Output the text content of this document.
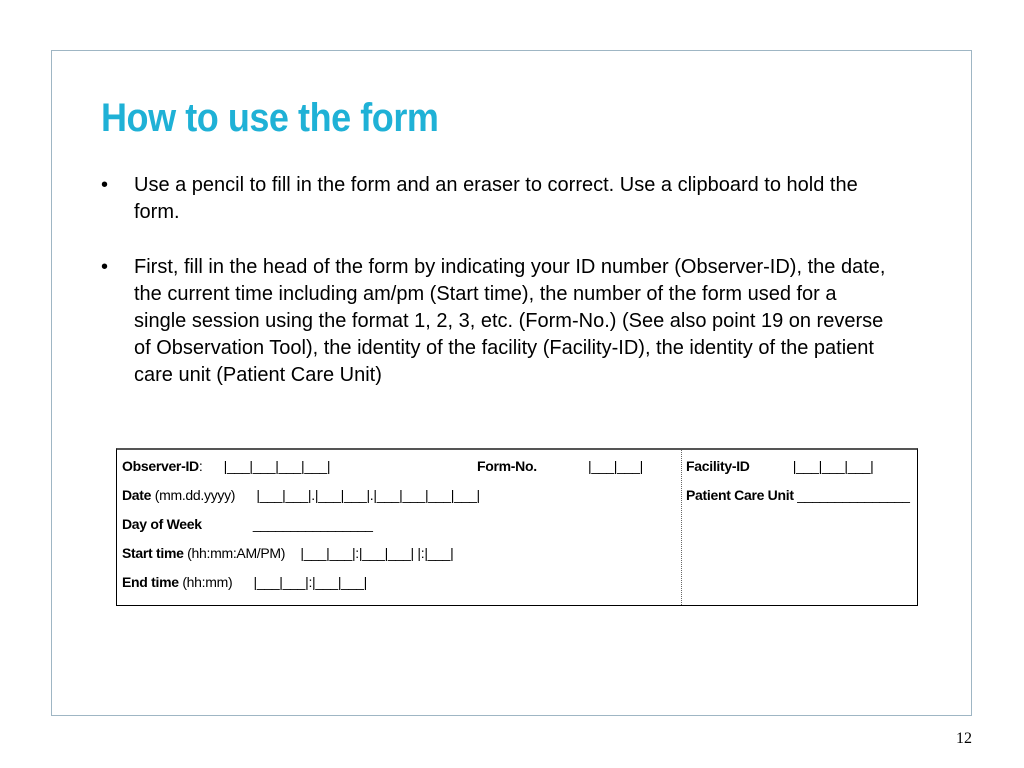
How to use the form
• Use a pencil to fill in the form and an eraser to correct. Use a clipboard to hold the form.
• First, fill in the head of the form by indicating your ID number (Observer-ID), the date, the current time including am/pm (Start time), the number of the form used for a single session using the format 1, 2, 3, etc. (Form-No.) (See also point 19 on reverse of Observation Tool), the identity of the facility (Facility-ID), the identity of the patient care unit (Patient Care Unit)
Observer-ID: |___|___|___|___|	Form-No.	|___|___|
Date (mm.dd.yyyy) |___|___|.|___|___|.|___|___|___|___|
Day of Week	________________
Start time (hh:mm:AM/PM) |___|___|:|___|___| |:|___|
End time (hh:mm) |___|___|:|___|___|
Facility-ID	|___|___|___|
Patient Care Unit _______________
12
